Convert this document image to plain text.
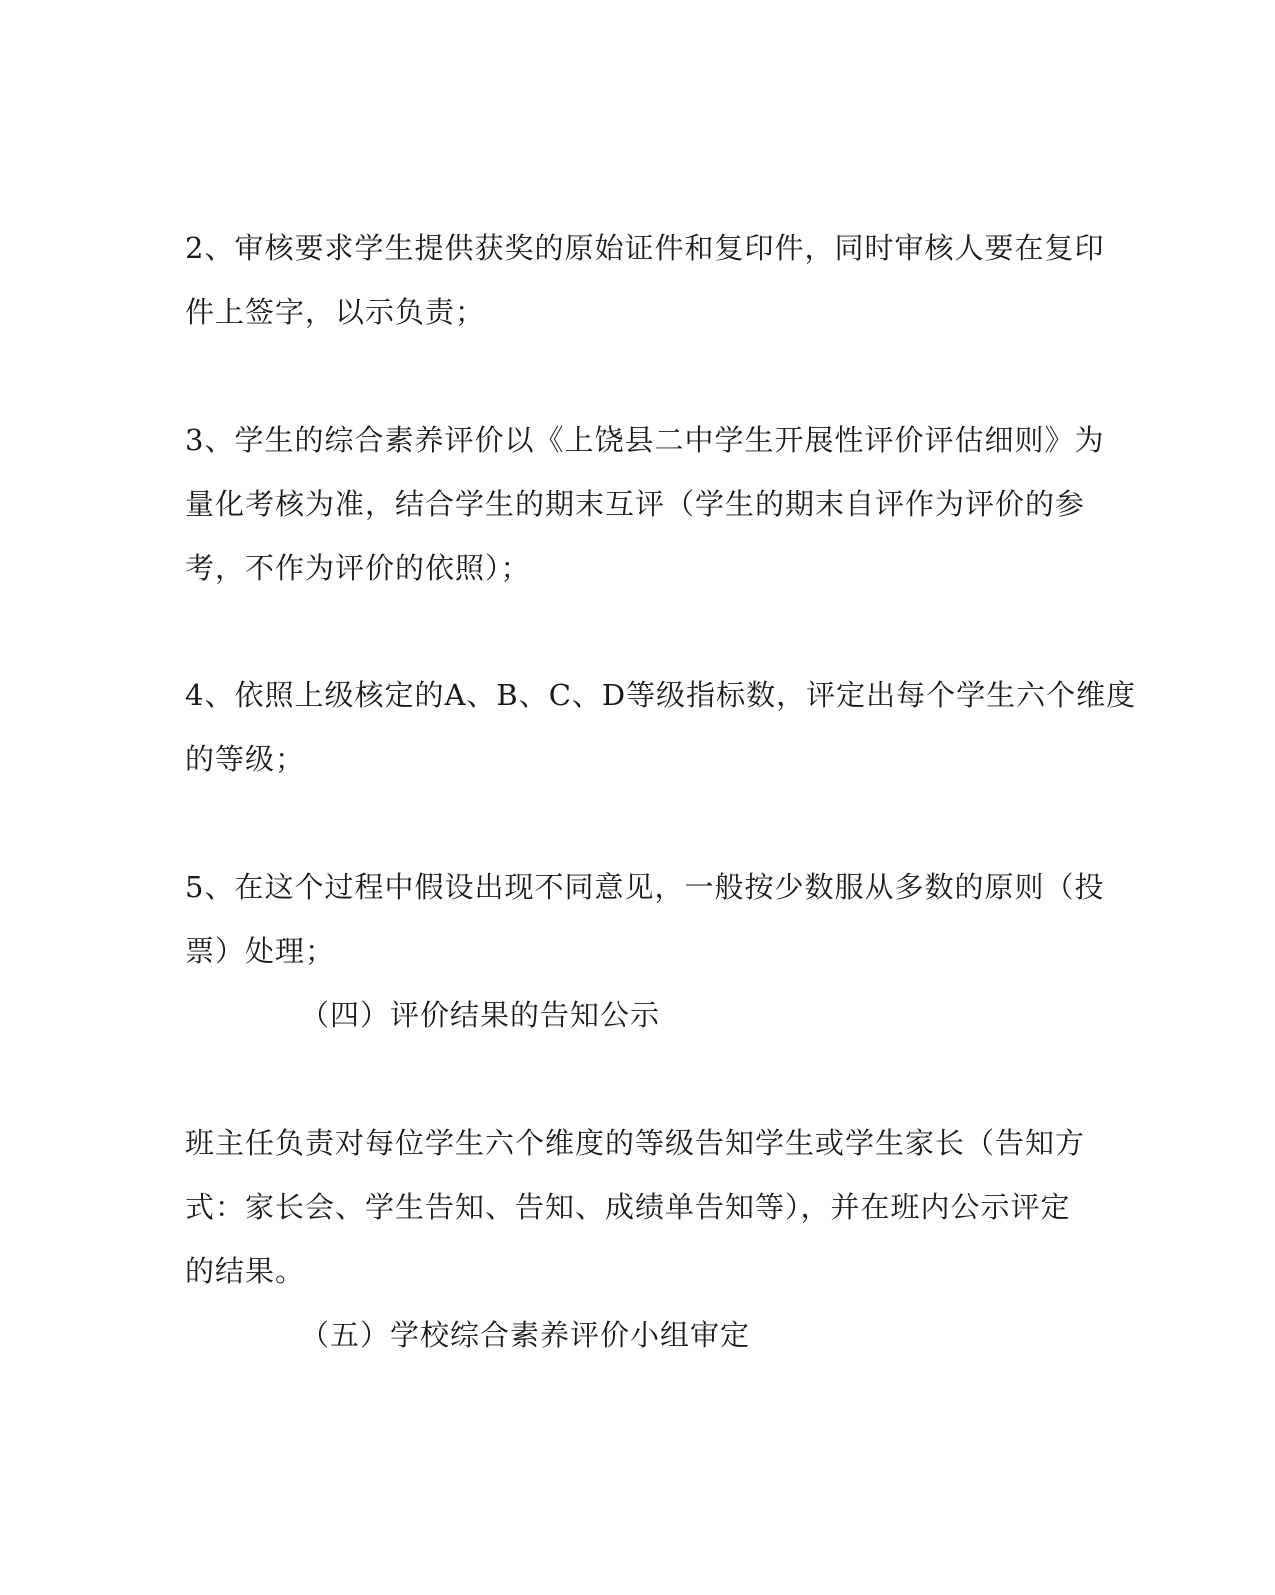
2、审核要求学生提供获奖的原始证件和复印件，同时审核人要在复印
件上签字，以示负责；
3、学生的综合素养评价以《上饶县二中学生开展性评价评估细则》为
量化考核为准，结合学生的期末互评（学生的期末自评作为评价的参
考，不作为评价的依照）；
4、依照上级核定的A、B、C、D等级指标数，评定出每个学生六个维度
的等级；
5、在这个过程中假设出现不同意见，一般按少数服从多数的原则（投
票）处理；
（四）评价结果的告知公示
班主任负责对每位学生六个维度的等级告知学生或学生家长（告知方
式：家长会、学生告知、告知、成绩单告知等），并在班内公示评定
的结果。
（五）学校综合素养评价小组审定
